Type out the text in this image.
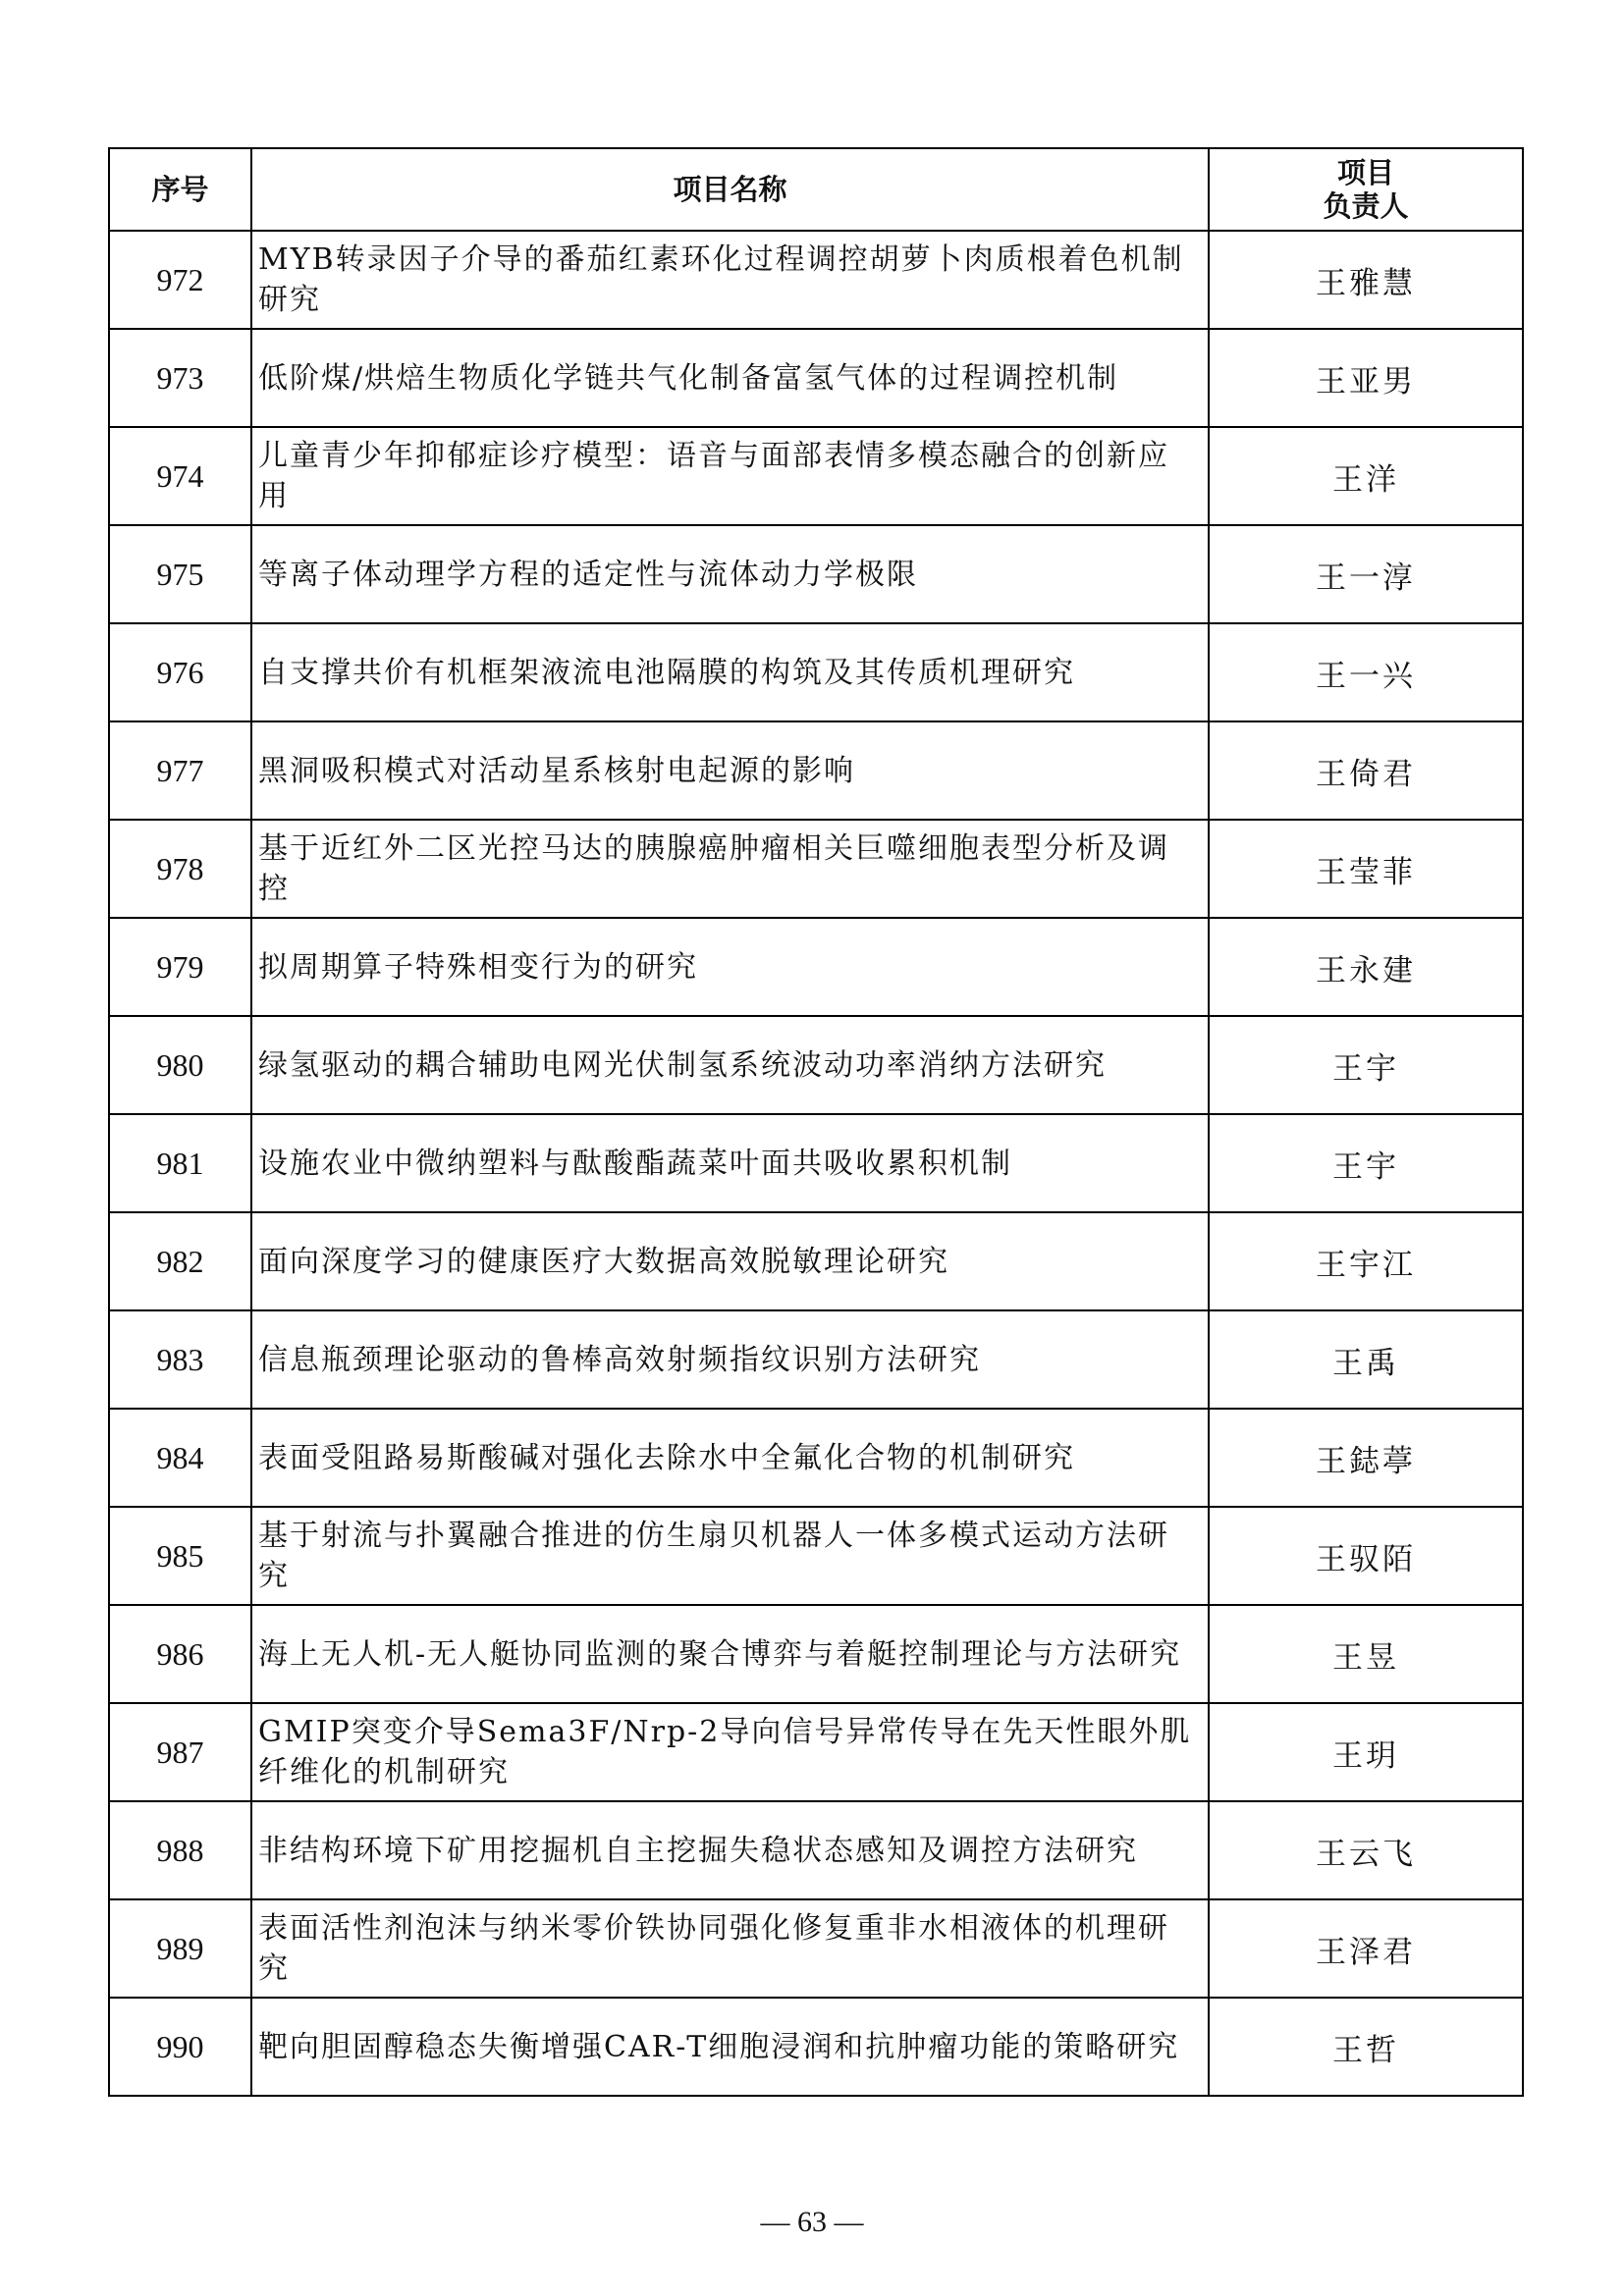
序号	项目名称	项目
负责人

972	MYB转录因子介导的番茄红素环化过程调控胡萝卜肉质根着色机制研究	王雅慧
973	低阶煤/烘焙生物质化学链共气化制备富氢气体的过程调控机制	王亚男
974	儿童青少年抑郁症诊疗模型：语音与面部表情多模态融合的创新应用	王洋
975	等离子体动理学方程的适定性与流体动力学极限	王一淳
976	自支撑共价有机框架液流电池隔膜的构筑及其传质机理研究	王一兴
977	黑洞吸积模式对活动星系核射电起源的影响	王倚君
978	基于近红外二区光控马达的胰腺癌肿瘤相关巨噬细胞表型分析及调控	王莹菲
979	拟周期算子特殊相变行为的研究	王永建
980	绿氢驱动的耦合辅助电网光伏制氢系统波动功率消纳方法研究	王宇
981	设施农业中微纳塑料与酞酸酯蔬菜叶面共吸收累积机制	王宇
982	面向深度学习的健康医疗大数据高效脱敏理论研究	王宇江
983	信息瓶颈理论驱动的鲁棒高效射频指纹识别方法研究	王禹
984	表面受阻路易斯酸碱对强化去除水中全氟化合物的机制研究	王鋕葶
985	基于射流与扑翼融合推进的仿生扇贝机器人一体多模式运动方法研究	王驭陌
986	海上无人机-无人艇协同监测的聚合博弈与着艇控制理论与方法研究	王昱
987	GMIP突变介导Sema3F/Nrp-2导向信号异常传导在先天性眼外肌纤维化的机制研究	王玥
988	非结构环境下矿用挖掘机自主挖掘失稳状态感知及调控方法研究	王云飞
989	表面活性剂泡沫与纳米零价铁协同强化修复重非水相液体的机理研究	王泽君
990	靶向胆固醇稳态失衡增强CAR-T细胞浸润和抗肿瘤功能的策略研究	王哲
— 63 —
